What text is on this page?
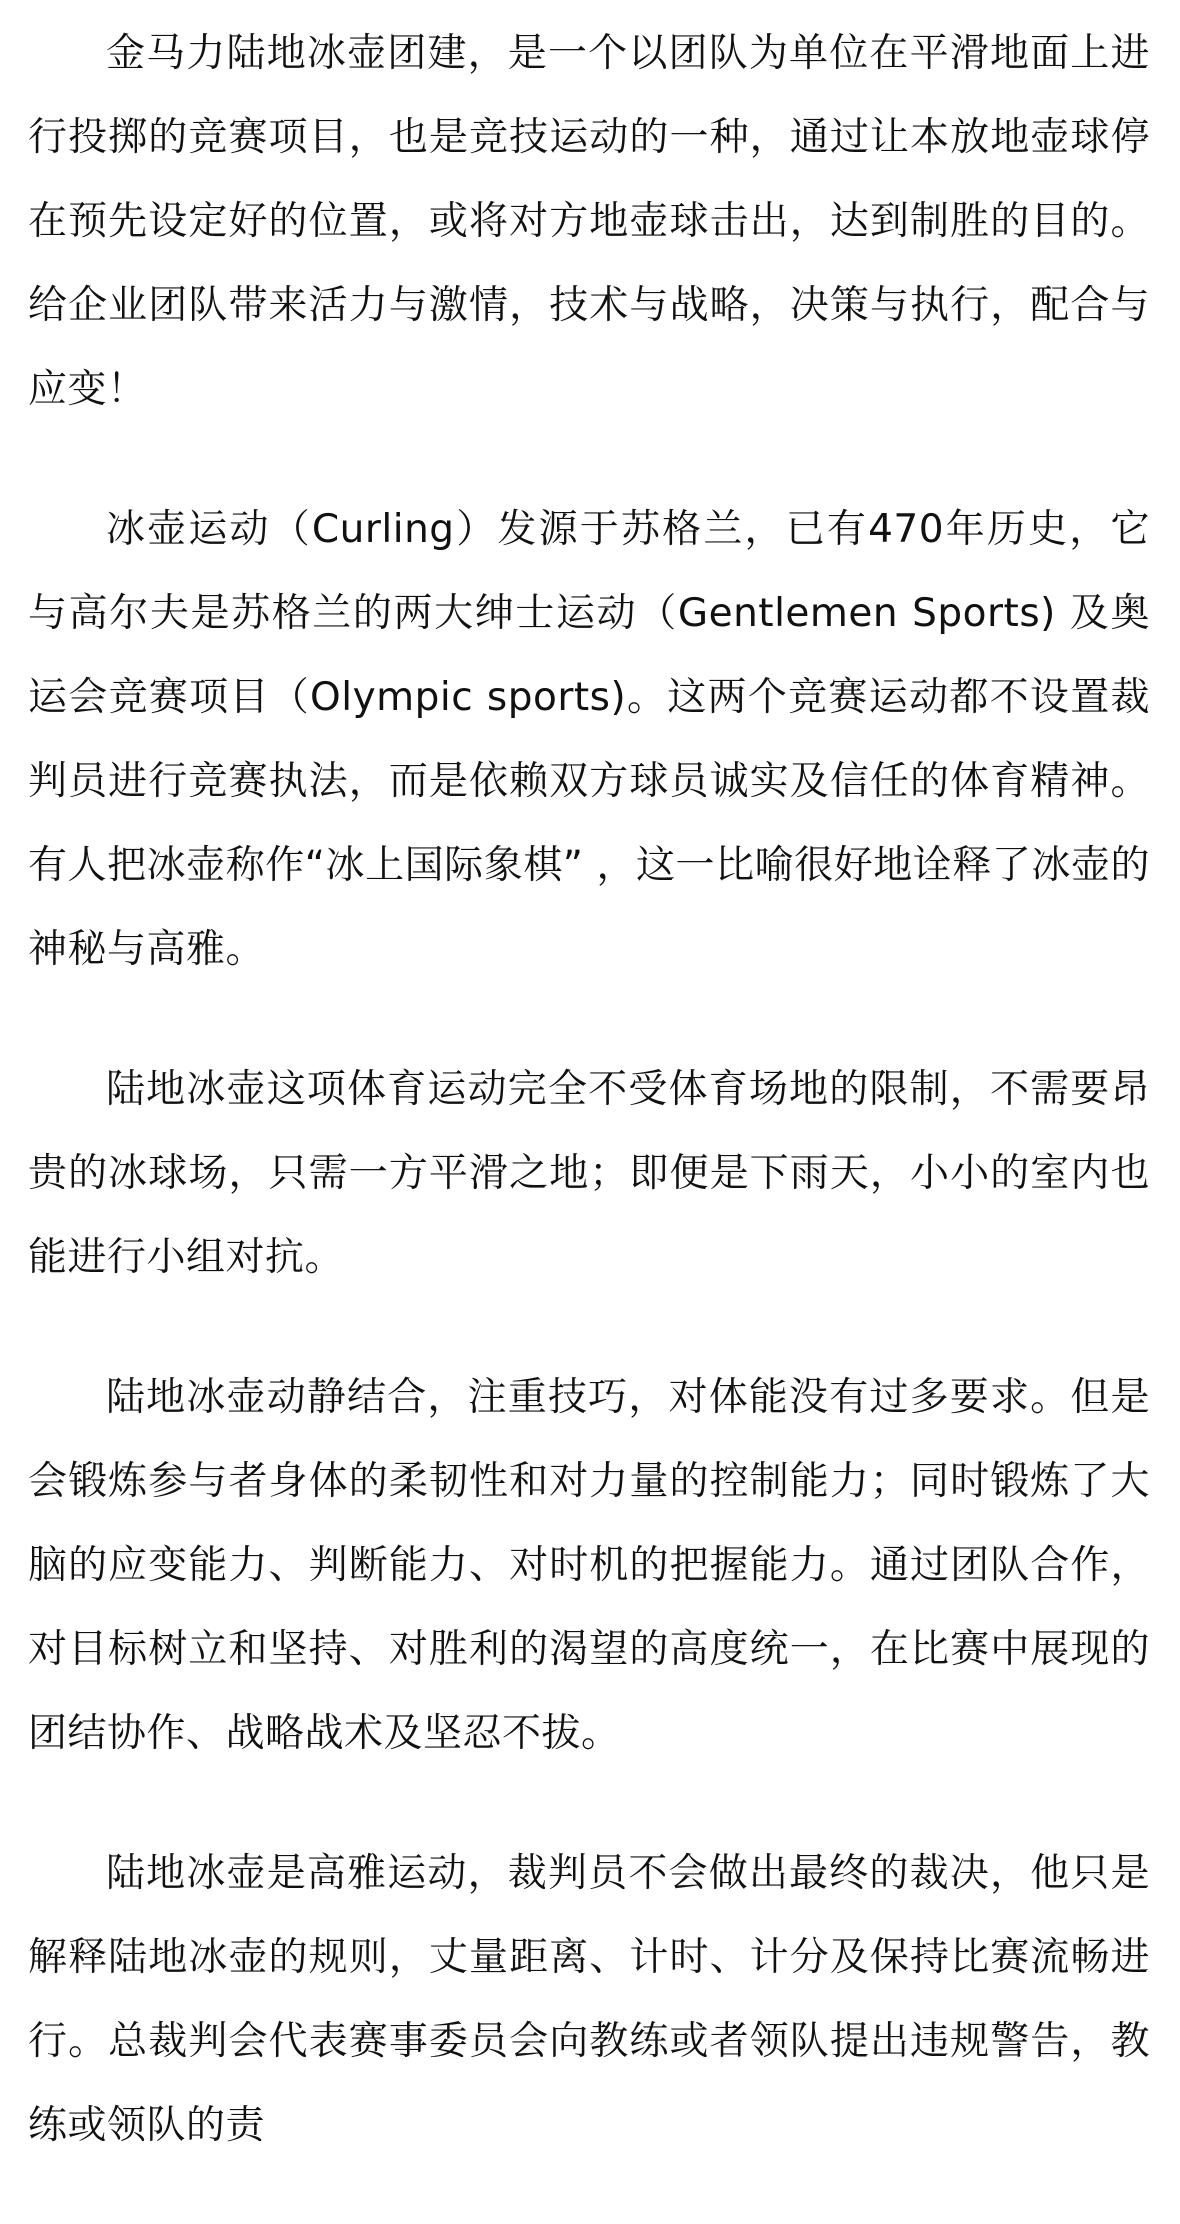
金马力陆地冰壶团建，是一个以团队为单位在平滑地面上进行投掷的竞赛项目，也是竞技运动的一种，通过让本放地壶球停在预先设定好的位置，或将对方地壶球击出，达到制胜的目的。给企业团队带来活力与激情，技术与战略，决策与执行，配合与应变！

冰壶运动（Curling）发源于苏格兰，已有470年历史，它与高尔夫是苏格兰的两大绅士运动（Gentlemen Sports) 及奥运会竞赛项目（Olympic sports)。这两个竞赛运动都不设置裁判员进行竞赛执法，而是依赖双方球员诚实及信任的体育精神。有人把冰壶称作“冰上国际象棋” ，这一比喻很好地诠释了冰壶的神秘与高雅。

陆地冰壶这项体育运动完全不受体育场地的限制，不需要昂贵的冰球场，只需一方平滑之地；即便是下雨天，小小的室内也能进行小组对抗。

陆地冰壶动静结合，注重技巧，对体能没有过多要求。但是会锻炼参与者身体的柔韧性和对力量的控制能力；同时锻炼了大脑的应变能力、判断能力、对时机的把握能力。通过团队合作，对目标树立和坚持、对胜利的渴望的高度统一，在比赛中展现的团结协作、战略战术及坚忍不拔。

陆地冰壶是高雅运动，裁判员不会做出最终的裁决，他只是解释陆地冰壶的规则，丈量距离、计时、计分及保持比赛流畅进行。总裁判会代表赛事委员会向教练或者领队提出违规警告，教练或领队的责
